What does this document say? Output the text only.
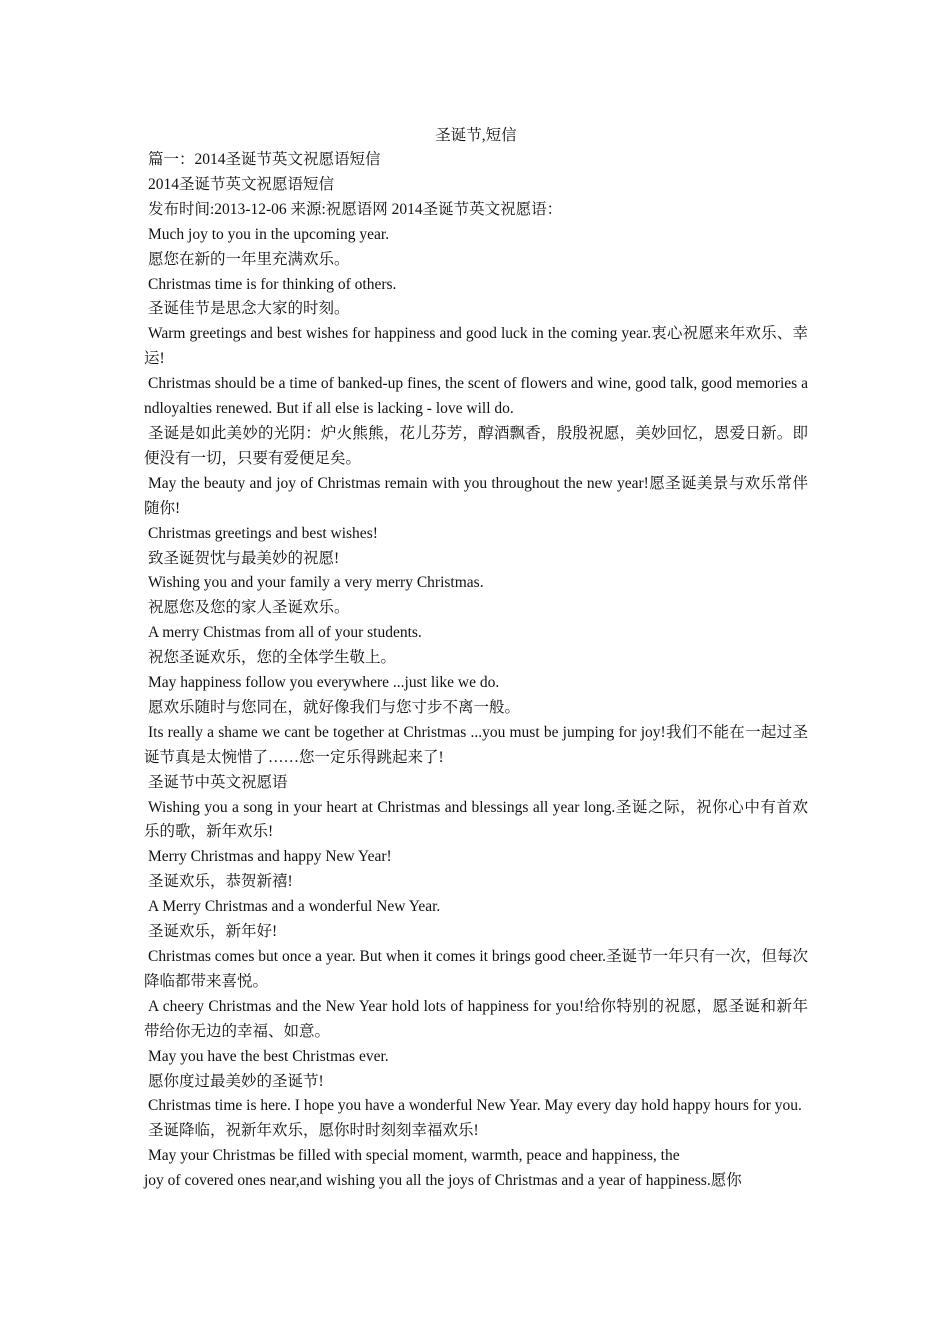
圣诞节,短信

篇一：2014圣诞节英文祝愿语短信

2014圣诞节英文祝愿语短信

发布时间:2013-12-06 来源:祝愿语网 2014圣诞节英文祝愿语：

Much joy to you in the upcoming year.

愿您在新的一年里充满欢乐。

Christmas time is for thinking of others.

圣诞佳节是思念大家的时刻。

Warm greetings and best wishes for happiness and good luck in the coming year.衷心祝愿来年欢乐、幸运!

Christmas should be a time of banked-up fines, the scent of flowers and wine, good talk, good memories andloyalties renewed. But if all else is lacking - love will do.

圣诞是如此美妙的光阴：炉火熊熊，花儿芬芳，醇酒飘香，殷殷祝愿，美妙回忆，恩爱日新。即便没有一切，只要有爱便足矣。

May the beauty and joy of Christmas remain with you throughout the new year!愿圣诞美景与欢乐常伴随你!

Christmas greetings and best wishes!

致圣诞贺忱与最美妙的祝愿!

Wishing you and your family a very merry Christmas.

祝愿您及您的家人圣诞欢乐。

A merry Chistmas from all of your students.

祝您圣诞欢乐，您的全体学生敬上。

May happiness follow you everywhere ...just like we do.

愿欢乐随时与您同在，就好像我们与您寸步不离一般。

Its really a shame we cant be together at Christmas ...you must be jumping for joy!我们不能在一起过圣诞节真是太惋惜了……您一定乐得跳起来了!

圣诞节中英文祝愿语

Wishing you a song in your heart at Christmas and blessings all year long.圣诞之际，祝你心中有首欢乐的歌，新年欢乐!

Merry Christmas and happy New Year!

圣诞欢乐，恭贺新禧!

A Merry Christmas and a wonderful New Year.

圣诞欢乐，新年好!

Christmas comes but once a year. But when it comes it brings good cheer.圣诞节一年只有一次，但每次降临都带来喜悦。

A cheery Christmas and the New Year hold lots of happiness for you!给你特别的祝愿，愿圣诞和新年带给你无边的幸福、如意。

May you have the best Christmas ever.

愿你度过最美妙的圣诞节!

Christmas time is here. I hope you have a wonderful New Year. May every day hold happy hours for you.

圣诞降临，祝新年欢乐，愿你时时刻刻幸福欢乐!

May your Christmas be filled with special moment, warmth, peace and happiness, the

joy of covered ones near,and wishing you all the joys of Christmas and a year of happiness.愿你
